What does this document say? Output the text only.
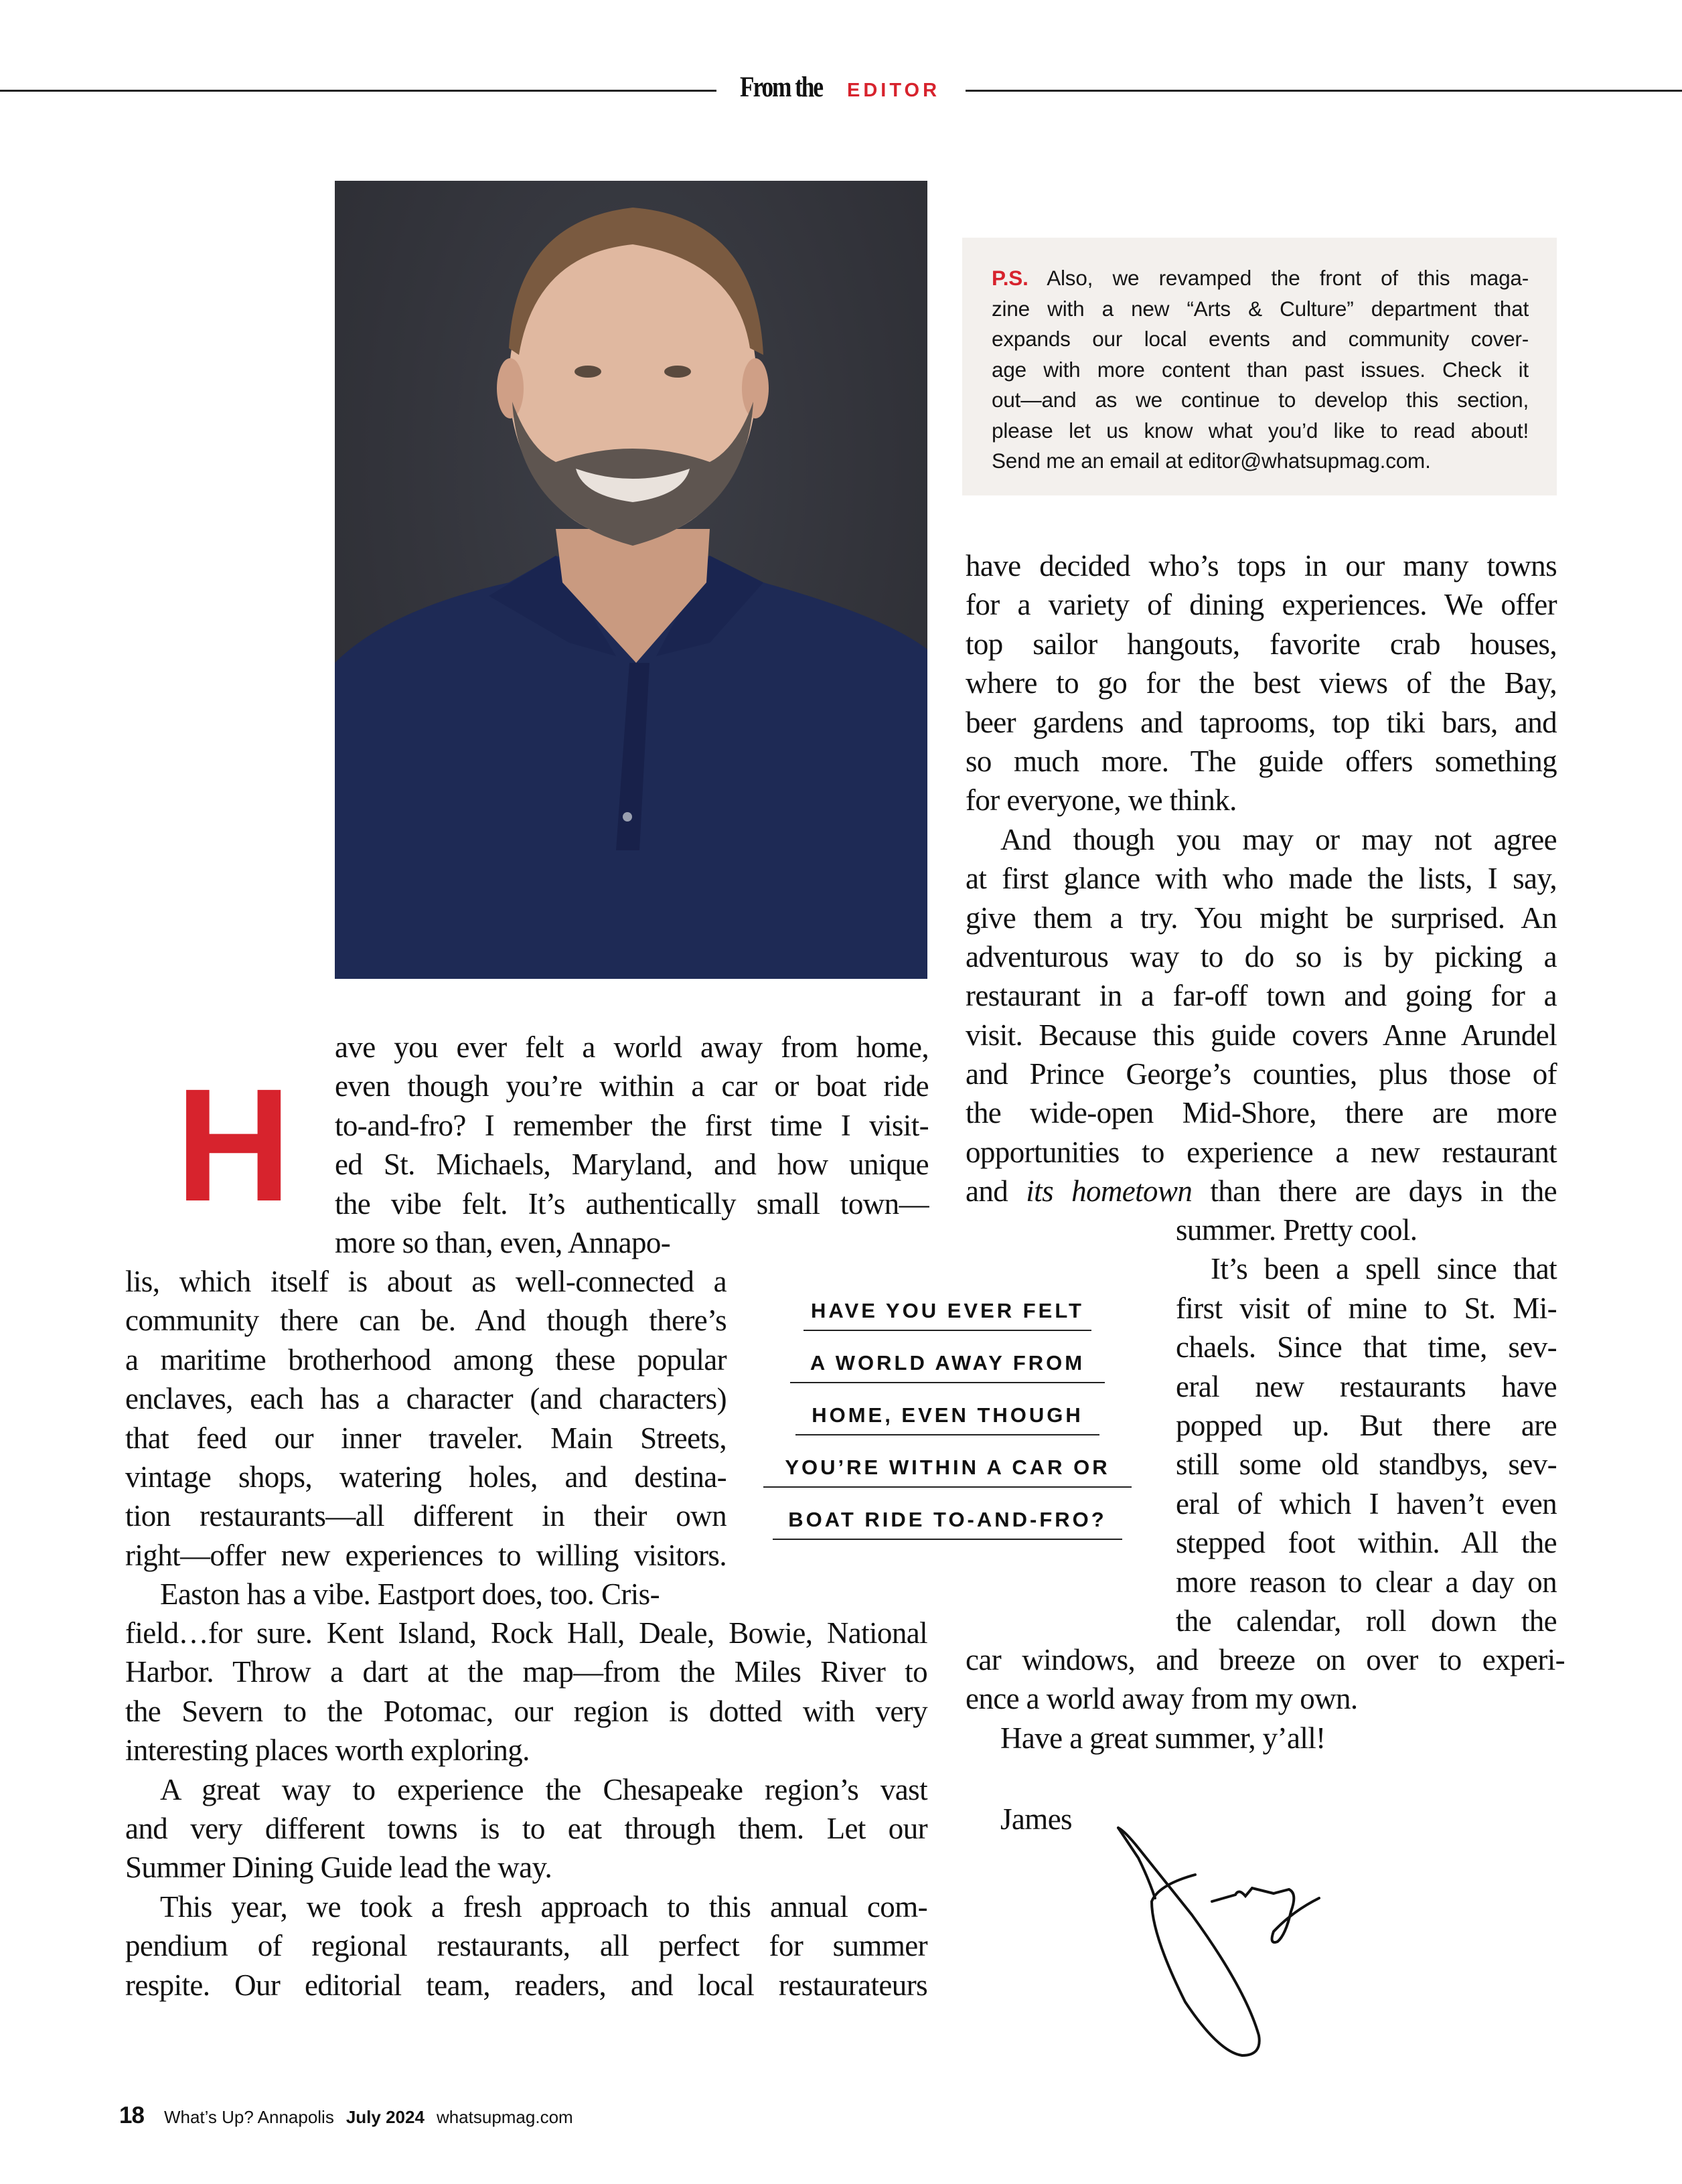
From the EDITOR
P.S. Also, we revamped the front of this maga-
zine with a new “Arts & Culture” department that
expands our local events and community cover-
age with more content than past issues. Check it
out—and as we continue to develop this section,
please let us know what you’d like to read about!
Send me an email at editor@whatsupmag.com.
H
ave you ever felt a world away from home,
even though you’re within a car or boat ride
to-and-fro? I remember the first time I visit-
ed St. Michaels, Maryland, and how unique
the vibe felt. It’s authentically small town—
more so than, even, Annapo-
lis, which itself is about as well-connected a
community there can be. And though there’s
a maritime brotherhood among these popular
enclaves, each has a character (and characters)
that feed our inner traveler. Main Streets,
vintage shops, watering holes, and destina-
tion restaurants—all different in their own
right—offer new experiences to willing visitors.
Easton has a vibe. Eastport does, too. Cris-
field…for sure. Kent Island, Rock Hall, Deale, Bowie, National
Harbor. Throw a dart at the map—from the Miles River to
the Severn to the Potomac, our region is dotted with very
interesting places worth exploring.
A great way to experience the Chesapeake region’s vast
and very different towns is to eat through them. Let our
Summer Dining Guide lead the way.
This year, we took a fresh approach to this annual com-
pendium of regional restaurants, all perfect for summer
respite. Our editorial team, readers, and local restaurateurs
HAVE YOU EVER FELT
A WORLD AWAY FROM
HOME, EVEN THOUGH
YOU’RE WITHIN A CAR OR
BOAT RIDE TO-AND-FRO?
have decided who’s tops in our many towns
for a variety of dining experiences. We offer
top sailor hangouts, favorite crab houses,
where to go for the best views of the Bay,
beer gardens and taprooms, top tiki bars, and
so much more. The guide offers something
for everyone, we think.
And though you may or may not agree
at first glance with who made the lists, I say,
give them a try. You might be surprised. An
adventurous way to do so is by picking a
restaurant in a far-off town and going for a
visit. Because this guide covers Anne Arundel
and Prince George’s counties, plus those of
the wide-open Mid-Shore, there are more
opportunities to experience a new restaurant
and its hometown than there are days in the
summer. Pretty cool.
It’s been a spell since that
first visit of mine to St. Mi-
chaels. Since that time, sev-
eral new restaurants have
popped up. But there are
still some old standbys, sev-
eral of which I haven’t even
stepped foot within. All the
more reason to clear a day on
the calendar, roll down the
car windows, and breeze on over to experi-
ence a world away from my own.
Have a great summer, y’all!
James
18 What’s Up? Annapolis July 2024 whatsupmag.com
